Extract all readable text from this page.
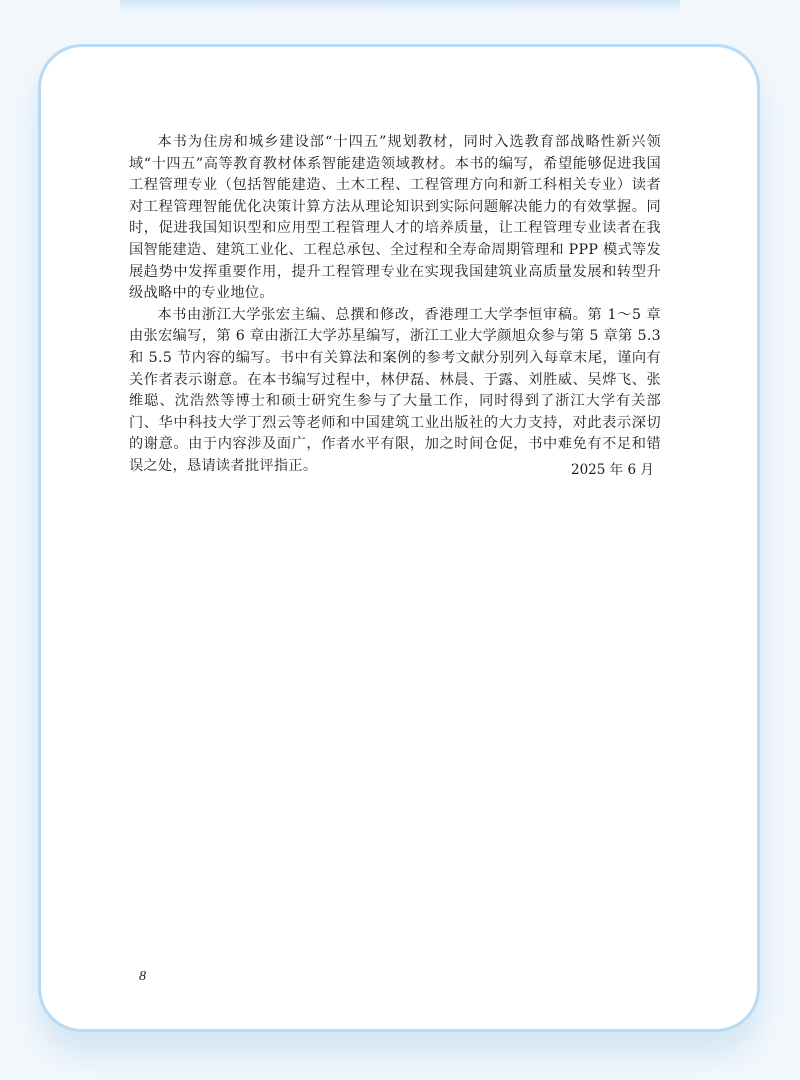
本书为住房和城乡建设部“十四五”规划教材，同时入选教育部战略性新兴领域“十四五”高等教育教材体系智能建造领域教材。本书的编写，希望能够促进我国工程管理专业（包括智能建造、土木工程、工程管理方向和新工科相关专业）读者对工程管理智能优化决策计算方法从理论知识到实际问题解决能力的有效掌握。同时，促进我国知识型和应用型工程管理人才的培养质量，让工程管理专业读者在我国智能建造、建筑工业化、工程总承包、全过程和全寿命周期管理和 PPP 模式等发展趋势中发挥重要作用，提升工程管理专业在实现我国建筑业高质量发展和转型升级战略中的专业地位。

本书由浙江大学张宏主编、总撰和修改，香港理工大学李恒审稿。第 1～5 章由张宏编写，第 6 章由浙江大学苏星编写，浙江工业大学颜旭众参与第 5 章第 5.3 和 5.5 节内容的编写。书中有关算法和案例的参考文献分别列入每章末尾，谨向有关作者表示谢意。在本书编写过程中，林伊磊、林晨、于露、刘胜威、吴烨飞、张维聪、沈浩然等博士和硕士研究生参与了大量工作，同时得到了浙江大学有关部门、华中科技大学丁烈云等老师和中国建筑工业出版社的大力支持，对此表示深切的谢意。由于内容涉及面广，作者水平有限，加之时间仓促，书中难免有不足和错误之处，恳请读者批评指正。	2025 年 6 月
8
